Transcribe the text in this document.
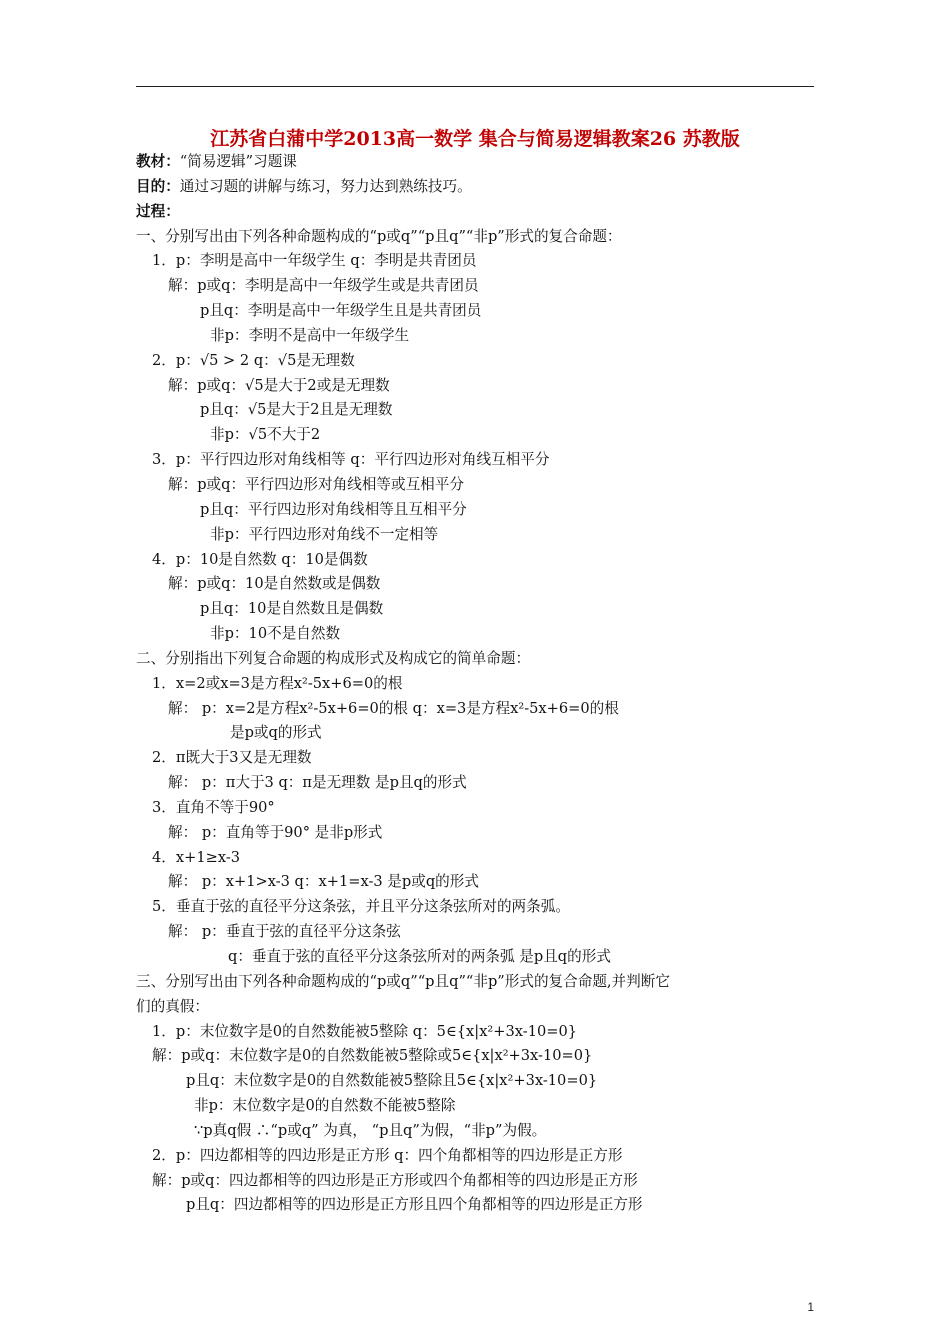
江苏省白蒲中学2013高一数学 集合与简易逻辑教案26 苏教版
教材：“简易逻辑”习题课
目的：通过习题的讲解与练习，努力达到熟练技巧。
过程：
一、分别写出由下列各种命题构成的“p或q”“p且q”“非p”形式的复合命题：
1．p：李明是高中一年级学生 q：李明是共青团员
解：p或q：李明是高中一年级学生或是共青团员
p且q：李明是高中一年级学生且是共青团员
非p：李明不是高中一年级学生
2．p：√5 > 2 q：√5是无理数
解：p或q：√5是大于2或是无理数
p且q：√5是大于2且是无理数
非p：√5不大于2
3．p：平行四边形对角线相等 q：平行四边形对角线互相平分
解：p或q：平行四边形对角线相等或互相平分
p且q：平行四边形对角线相等且互相平分
非p：平行四边形对角线不一定相等
4．p：10是自然数 q：10是偶数
解：p或q：10是自然数或是偶数
p且q：10是自然数且是偶数
非p：10不是自然数
二、分别指出下列复合命题的构成形式及构成它的简单命题：
1．x=2或x=3是方程x²-5x+6=0的根
解： p：x=2是方程x²-5x+6=0的根 q：x=3是方程x²-5x+6=0的根
是p或q的形式
2．π既大于3又是无理数
解： p：π大于3 q：π是无理数 是p且q的形式
3．直角不等于90°
解： p：直角等于90° 是非p形式
4．x+1≥x-3
解： p：x+1>x-3 q：x+1=x-3 是p或q的形式
5．垂直于弦的直径平分这条弦，并且平分这条弦所对的两条弧。
解： p：垂直于弦的直径平分这条弦
q：垂直于弦的直径平分这条弦所对的两条弧 是p且q的形式
三、分别写出由下列各种命题构成的“p或q”“p且q”“非p”形式的复合命题,并判断它
们的真假：
1．p：末位数字是0的自然数能被5整除 q：5∈{x|x²+3x-10=0}
解：p或q：末位数字是0的自然数能被5整除或5∈{x|x²+3x-10=0}
p且q：末位数字是0的自然数能被5整除且5∈{x|x²+3x-10=0}
非p：末位数字是0的自然数不能被5整除
∵p真q假 ∴“p或q” 为真， “p且q”为假，“非p”为假。
2．p：四边都相等的四边形是正方形 q：四个角都相等的四边形是正方形
解：p或q：四边都相等的四边形是正方形或四个角都相等的四边形是正方形
p且q：四边都相等的四边形是正方形且四个角都相等的四边形是正方形
1
